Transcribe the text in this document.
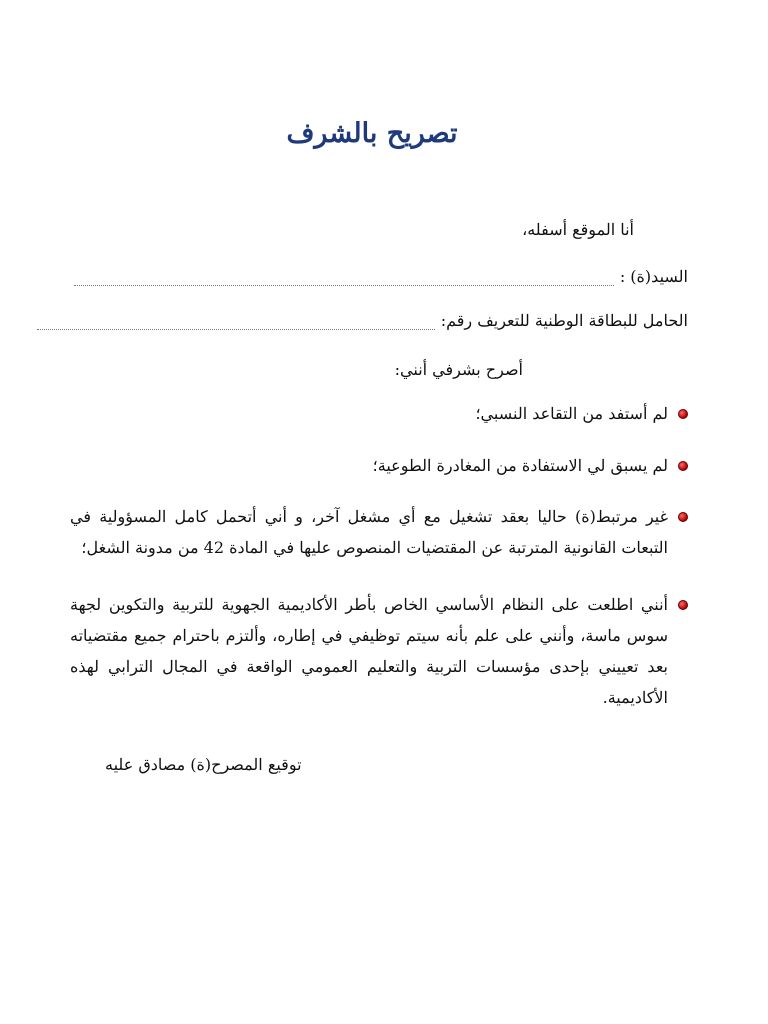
تصريح بالشرف
أنا الموقع أسفله،
السيد(ة) :
الحامل للبطاقة الوطنية للتعريف رقم:
أصرح بشرفي أنني:
لم أستفد من التقاعد النسبي؛
لم يسبق لي الاستفادة من المغادرة الطوعية؛
غير مرتبط(ة) حاليا بعقد تشغيل مع أي مشغل آخر، و أني أتحمل كامل المسؤولية في التبعات القانونية المترتبة عن المقتضيات المنصوص عليها في المادة 42 من مدونة الشغل؛
أنني اطلعت على النظام الأساسي الخاص بأطر الأكاديمية الجهوية للتربية والتكوين لجهة سوس ماسة، وأنني على علم بأنه سيتم توظيفي في إطاره، وألتزم باحترام جميع مقتضياته بعد تعييني بإحدى مؤسسات التربية والتعليم العمومي الواقعة في المجال الترابي لهذه الأكاديمية.
توقيع المصرح(ة) مصادق عليه
